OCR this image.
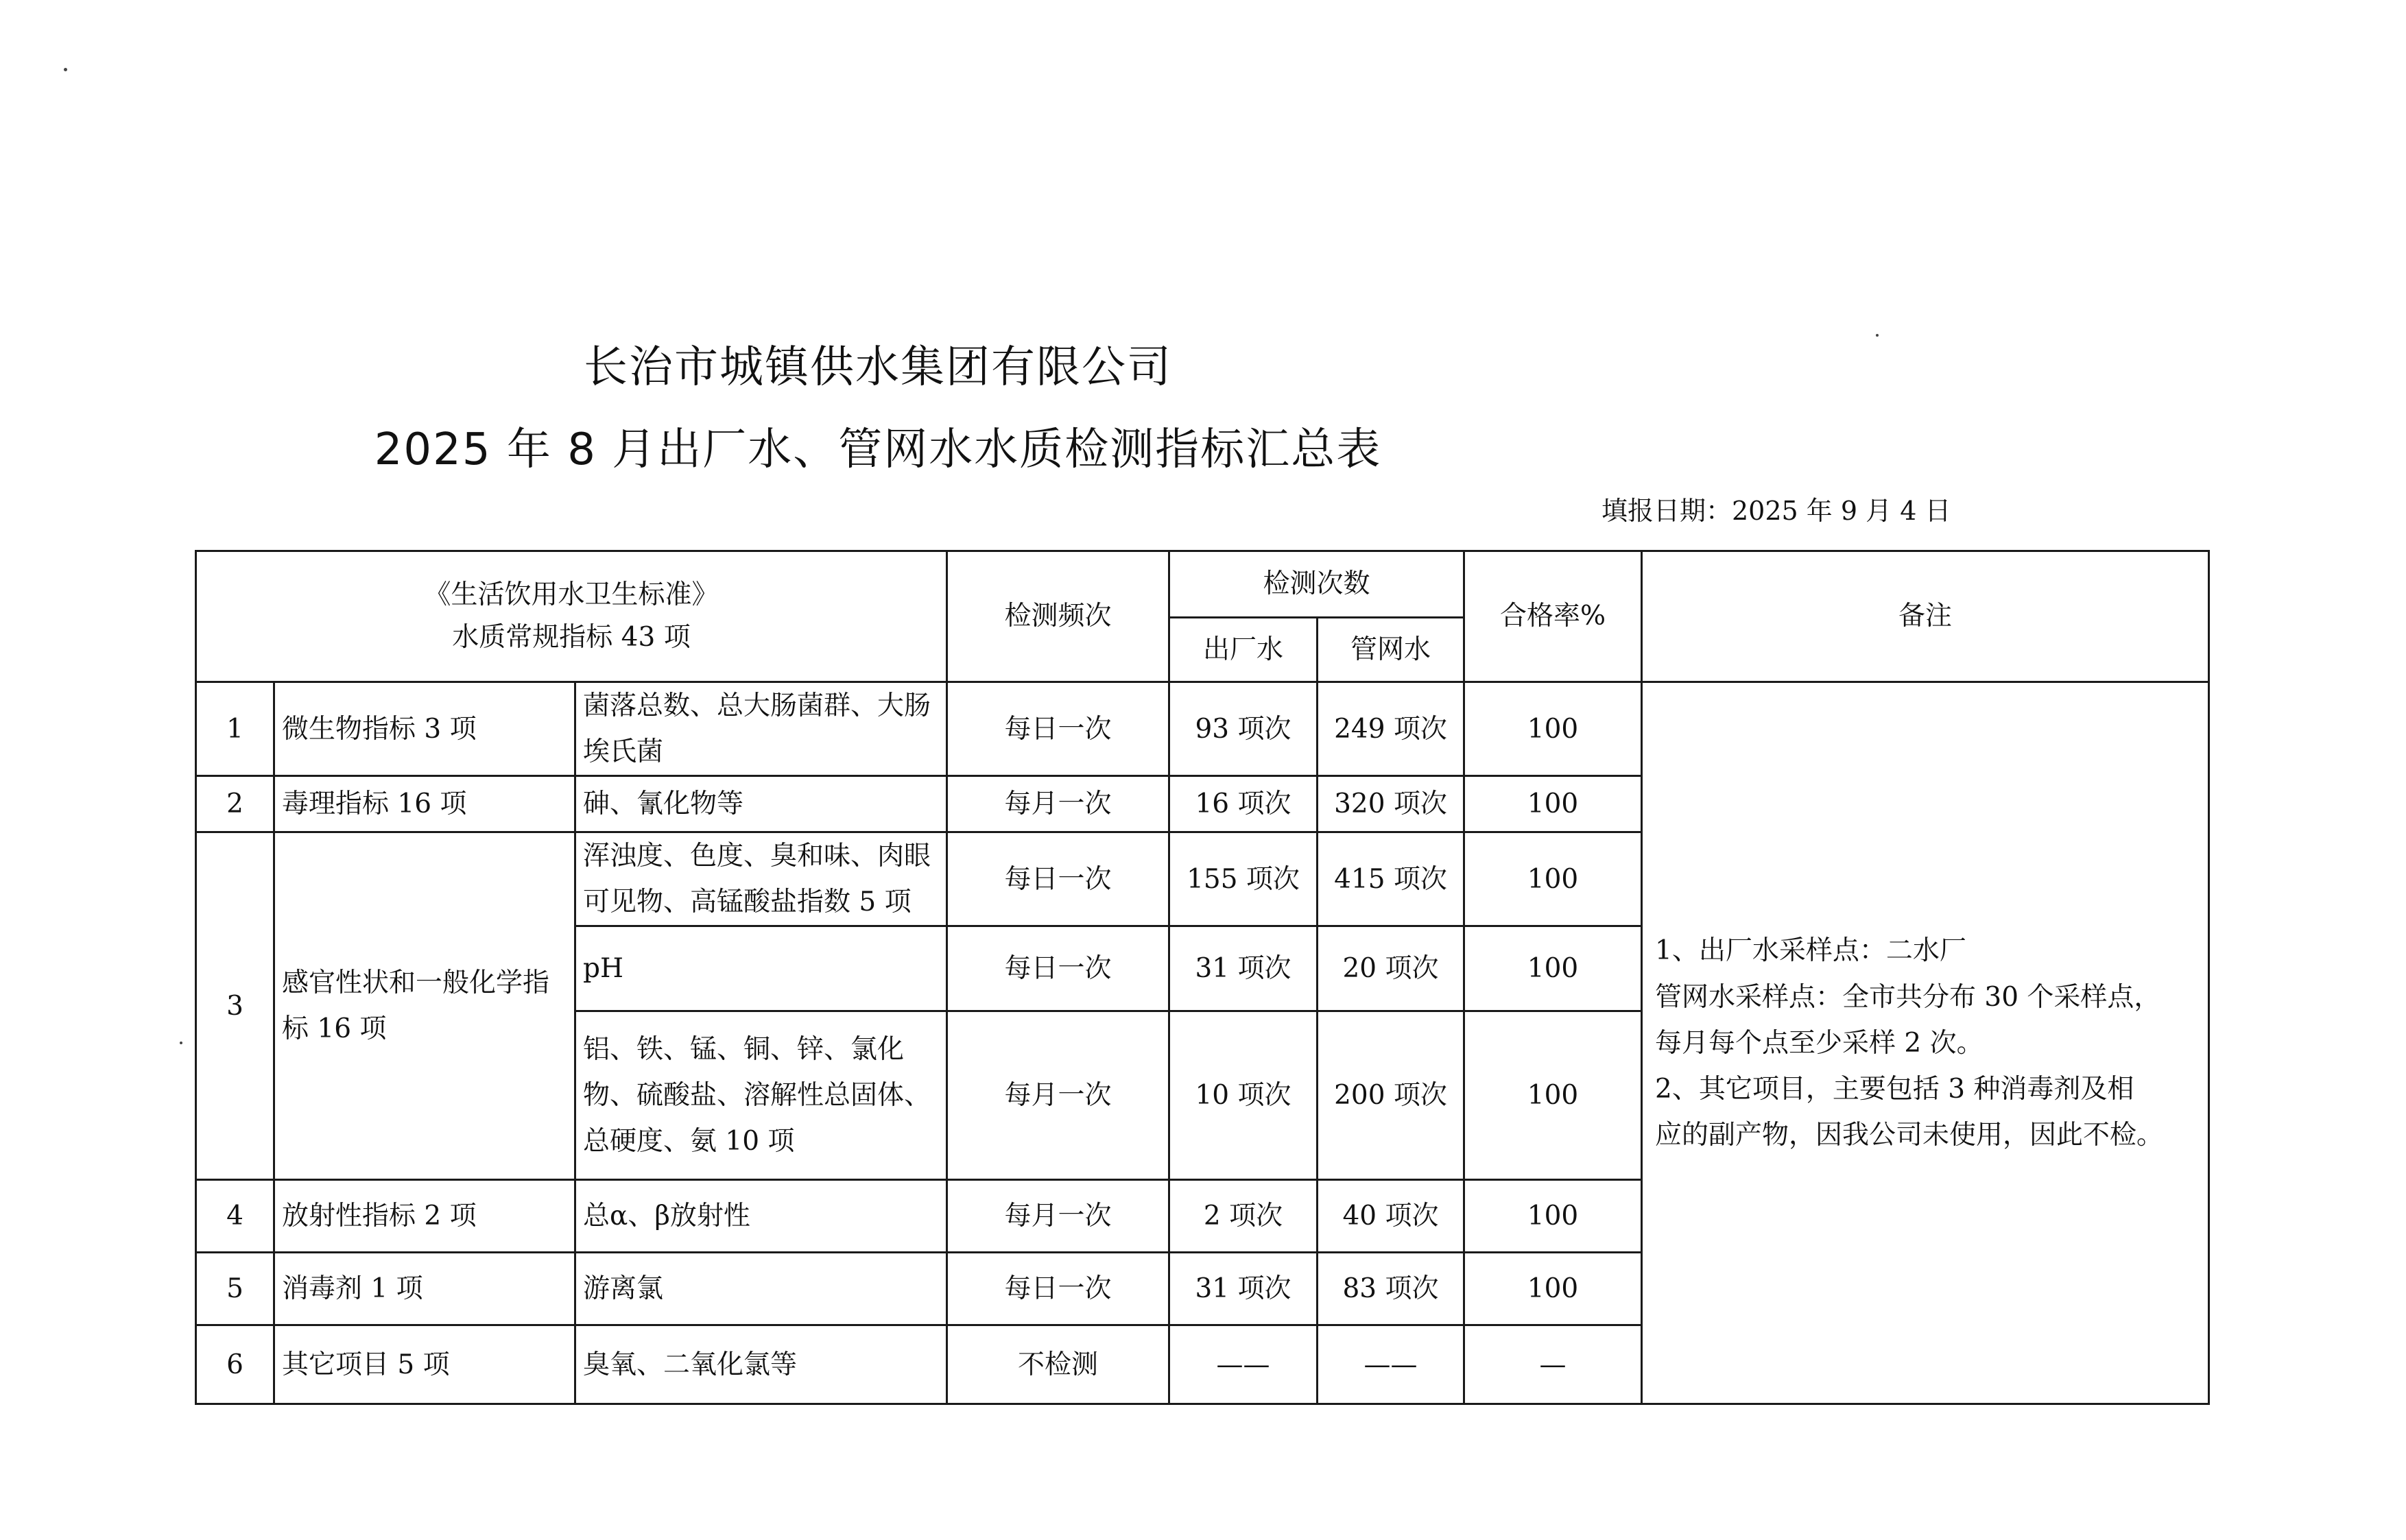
长治市城镇供水集团有限公司
2025 年 8 月出厂水、管网水水质检测指标汇总表
填报日期：2025 年 9 月 4 日
《生活饮用水卫生标准》
水质常规指标 43 项			检测频次	检测次数		合格率%	备注
				出厂水	管网水		
1	微生物指标 3 项	菌落总数、总大肠菌群、大肠埃氏菌	每日一次	93 项次	249 项次	100	1、出厂水采样点：二水厂
管网水采样点：全市共分布 30 个采样点，
每月每个点至少采样 2 次。
2、其它项目，主要包括 3 种消毒剂及相
应的副产物，因我公司未使用，因此不检。

2	毒理指标 16 项	砷、氰化物等	每月一次	16 项次	320 项次	100	
3	感官性状和一般化学指标 16 项	浑浊度、色度、臭和味、肉眼可见物、高锰酸盐指数 5 项	每日一次	155 项次	415 项次	100	
		pH	每日一次	31 项次	20 项次	100	
		铝、铁、锰、铜、锌、氯化物、硫酸盐、溶解性总固体、总硬度、氨 10 项	每月一次	10 项次	200 项次	100	
4	放射性指标 2 项	总α、β放射性	每月一次	2 项次	40 项次	100	
5	消毒剂 1 项	游离氯	每日一次	31 项次	83 项次	100	
6	其它项目 5 项	臭氧、二氧化氯等	不检测	——	——	—	
